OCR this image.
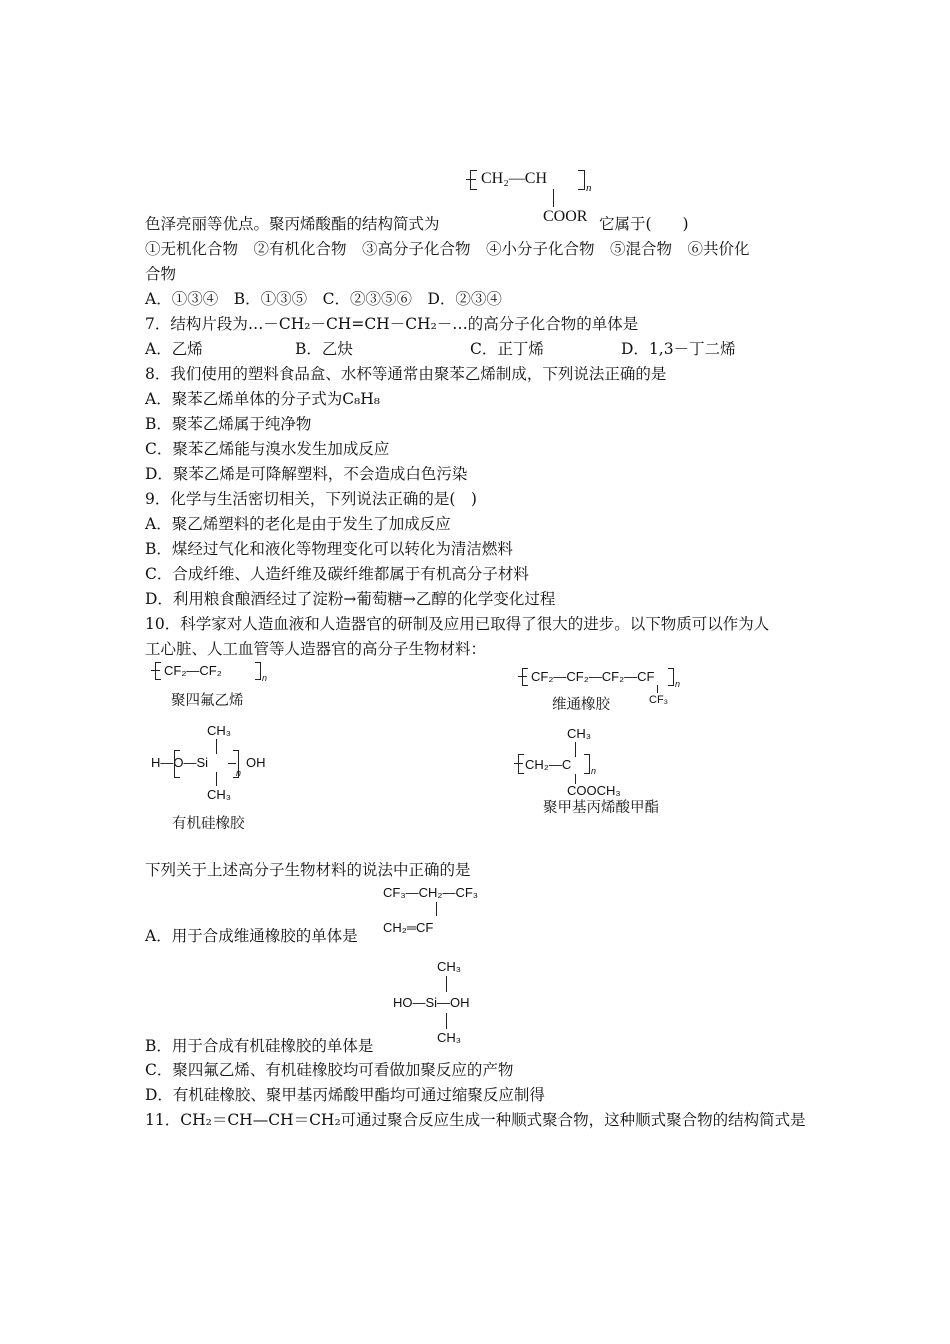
CH₂—CH
n
COOR
色泽亮丽等优点。聚丙烯酸酯的结构简式为	它属于(　　)
①无机化合物　②有机化合物　③高分子化合物　④小分子化合物　⑤混合物　⑥共价化
合物
A．①③④　B．①③⑤　C．②③⑤⑥　D．②③④
7．结构片段为…－CH₂－CH=CH－CH₂－…的高分子化合物的单体是
A．乙烯	B．乙炔	C．正丁烯	D．1,3－丁二烯
8．我们使用的塑料食品盒、水杯等通常由聚苯乙烯制成，下列说法正确的是
A．聚苯乙烯单体的分子式为C₈H₈
B．聚苯乙烯属于纯净物
C．聚苯乙烯能与溴水发生加成反应
D．聚苯乙烯是可降解塑料，不会造成白色污染
9．化学与生活密切相关，下列说法正确的是(　)
A．聚乙烯塑料的老化是由于发生了加成反应
B．煤经过气化和液化等物理变化可以转化为清洁燃料
C．合成纤维、人造纤维及碳纤维都属于有机高分子材料
D．利用粮食酿酒经过了淀粉→葡萄糖→乙醇的化学变化过程
10．科学家对人造血液和人造器官的研制及应用已取得了很大的进步。以下物质可以作为人
工心脏、人工血管等人造器官的高分子生物材料：
CF₂—CF₂	n
聚四氟乙烯
CF₂—CF₂—CF₂—CF n
CF₃
维通橡胶
CH₃
H—O—Si
n
OH
CH₃
有机硅橡胶
CH₃
CH₂—C n
COOCH₃
聚甲基丙烯酸甲酯
下列关于上述高分子生物材料的说法中正确的是
CF₃—CH₂—CF₃
CH₂═CF
A．用于合成维通橡胶的单体是
CH₃
HO—Si—OH
CH₃
B．用于合成有机硅橡胶的单体是
C．聚四氟乙烯、有机硅橡胶均可看做加聚反应的产物
D．有机硅橡胶、聚甲基丙烯酸甲酯均可通过缩聚反应制得
11．CH₂＝CH—CH＝CH₂可通过聚合反应生成一种顺式聚合物，这种顺式聚合物的结构简式是
